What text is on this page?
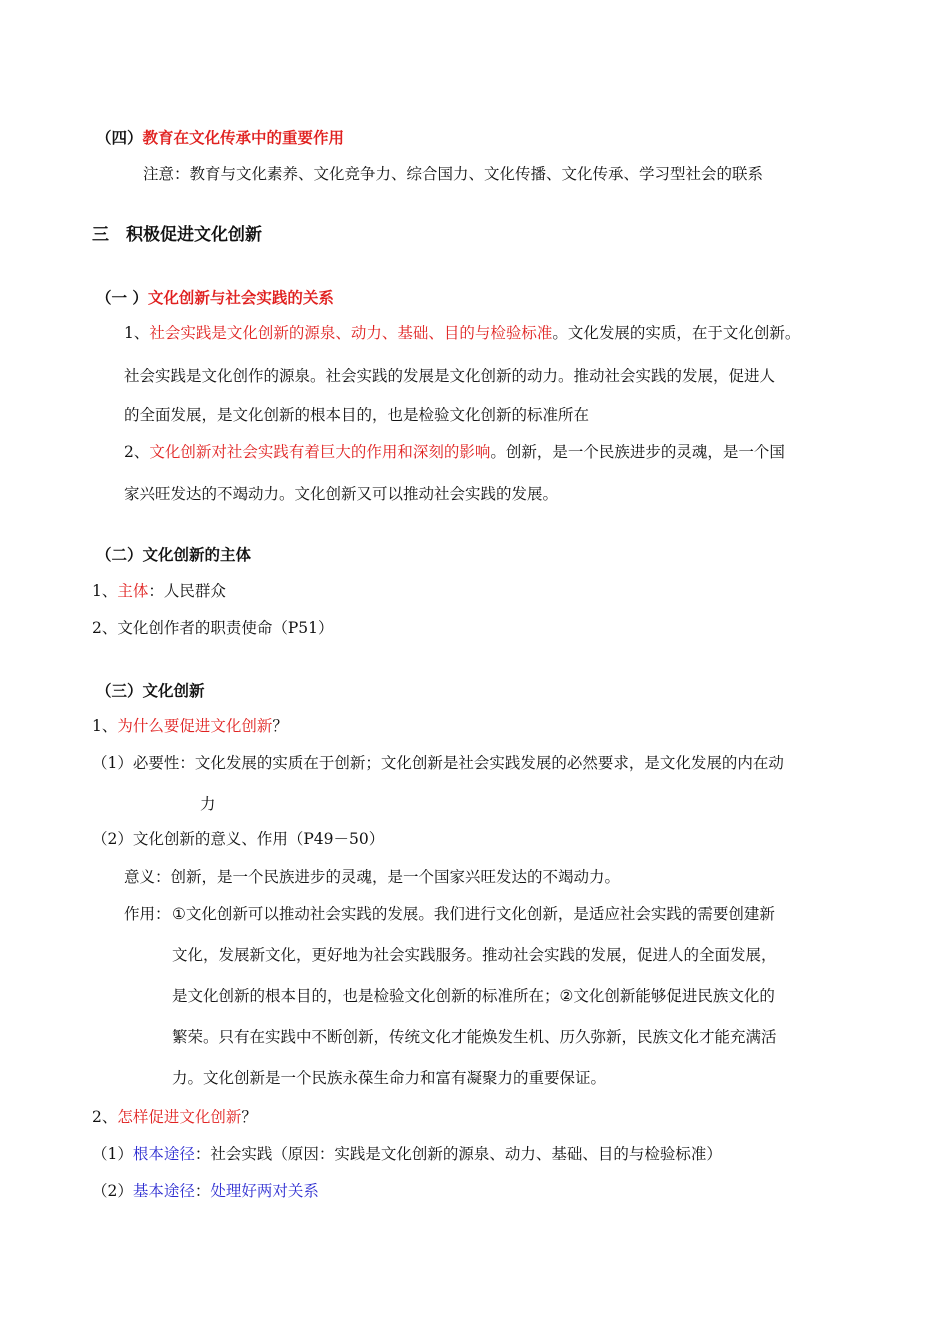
（四）教育在文化传承中的重要作用
注意：教育与文化素养、文化竞争力、综合国力、文化传播、文化传承、学习型社会的联系
三　积极促进文化创新
（一 ）文化创新与社会实践的关系
1、社会实践是文化创新的源泉、动力、基础、目的与检验标准。文化发展的实质，在于文化创新。
社会实践是文化创作的源泉。社会实践的发展是文化创新的动力。推动社会实践的发展，促进人
的全面发展，是文化创新的根本目的，也是检验文化创新的标准所在
2、文化创新对社会实践有着巨大的作用和深刻的影响。创新，是一个民族进步的灵魂，是一个国
家兴旺发达的不竭动力。文化创新又可以推动社会实践的发展。
（二）文化创新的主体
1、主体：人民群众
2、文化创作者的职责使命（P51）
（三）文化创新
1、为什么要促进文化创新？
（1）必要性：文化发展的实质在于创新；文化创新是社会实践发展的必然要求，是文化发展的内在动
力
（2）文化创新的意义、作用（P49－50）
意义：创新，是一个民族进步的灵魂，是一个国家兴旺发达的不竭动力。
作用： ①文化创新可以推动社会实践的发展。我们进行文化创新，是适应社会实践的需要创建新
文化，发展新文化，更好地为社会实践服务。推动社会实践的发展，促进人的全面发展，
是文化创新的根本目的，也是检验文化创新的标准所在；②文化创新能够促进民族文化的
繁荣。只有在实践中不断创新，传统文化才能焕发生机、历久弥新，民族文化才能充满活
力。文化创新是一个民族永葆生命力和富有凝聚力的重要保证。
2、怎样促进文化创新？
（1）根本途径：社会实践（原因：实践是文化创新的源泉、动力、基础、目的与检验标准）
（2）基本途径：处理好两对关系
